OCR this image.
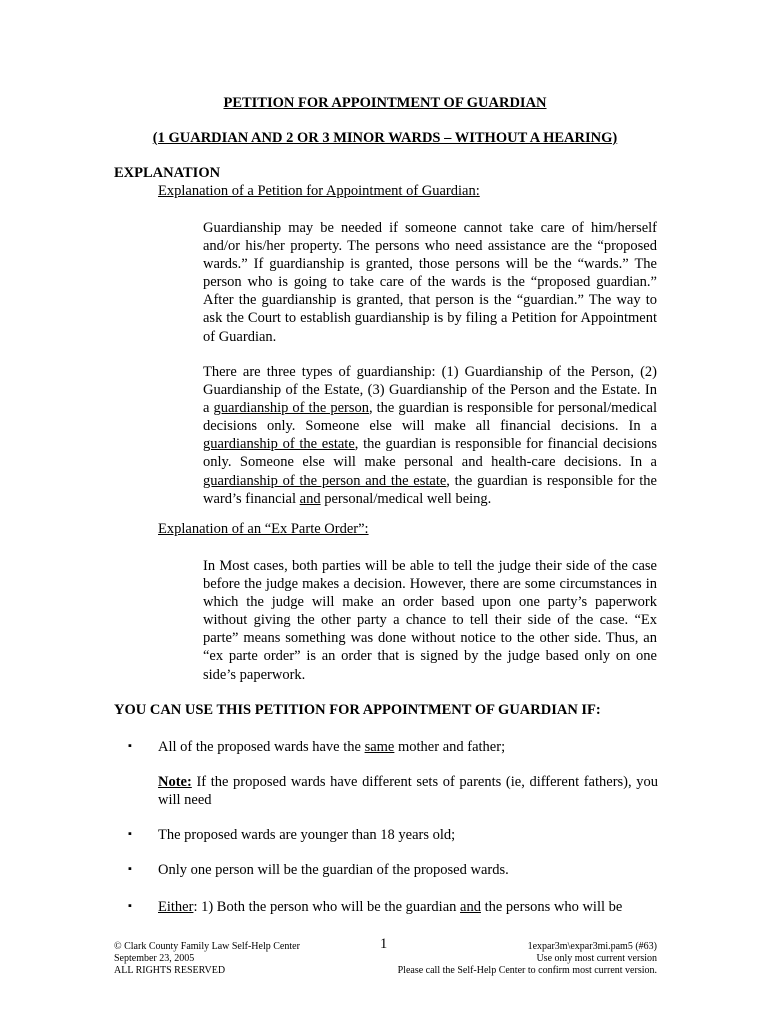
PETITION FOR APPOINTMENT OF GUARDIAN
(1 GUARDIAN AND 2 OR 3 MINOR WARDS – WITHOUT A HEARING)
EXPLANATION
Explanation of a Petition for Appointment of Guardian:

Guardianship may be needed if someone cannot take care of him/herself and/or his/her property. The persons who need assistance are the “proposed wards.” If guardianship is granted, those persons will be the “wards.” The person who is going to take care of the wards is the “proposed guardian.” After the guardianship is granted, that person is the “guardian.” The way to ask the Court to establish guardianship is by filing a Petition for Appointment of Guardian.

There are three types of guardianship: (1) Guardianship of the Person, (2) Guardianship of the Estate, (3) Guardianship of the Person and the Estate. In a guardianship of the person, the guardian is responsible for personal/medical decisions only. Someone else will make all financial decisions. In a guardianship of the estate, the guardian is responsible for financial decisions only. Someone else will make personal and health-care decisions. In a guardianship of the person and the estate, the guardian is responsible for the ward’s financial and personal/medical well being.

Explanation of an “Ex Parte Order”:

In Most cases, both parties will be able to tell the judge their side of the case before the judge makes a decision. However, there are some circumstances in which the judge will make an order based upon one party’s paperwork without giving the other party a chance to tell their side of the case. “Ex parte” means something was done without notice to the other side. Thus, an “ex parte order” is an order that is signed by the judge based only on one side’s paperwork.

YOU CAN USE THIS PETITION FOR APPOINTMENT OF GUARDIAN IF:
▪ All of the proposed wards have the same mother and father;

Note: If the proposed wards have different sets of parents (ie, different fathers), you will need

▪ The proposed wards are younger than 18 years old;

▪ Only one person will be the guardian of the proposed wards.

▪ Either: 1) Both the person who will be the guardian and the persons who will be

© Clark County Family Law Self-Help Center
September 23, 2005
ALL RIGHTS RESERVED
1	1expar3m\expar3mi.pam5 (#63)
Use only most current version
Please call the Self-Help Center to confirm most current version.
